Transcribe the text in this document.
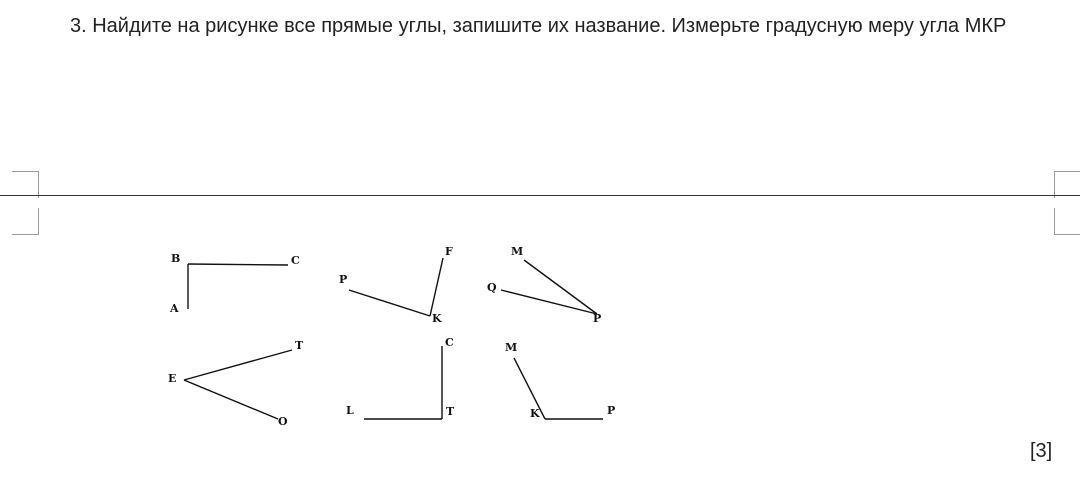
3. Найдите на рисунке все прямые углы, запишите их название. Измерьте градусную меру угла МКР
B	C
A
P
F
K
M
Q
P
T
E
O
C
L	T
M
K	P
[3]
